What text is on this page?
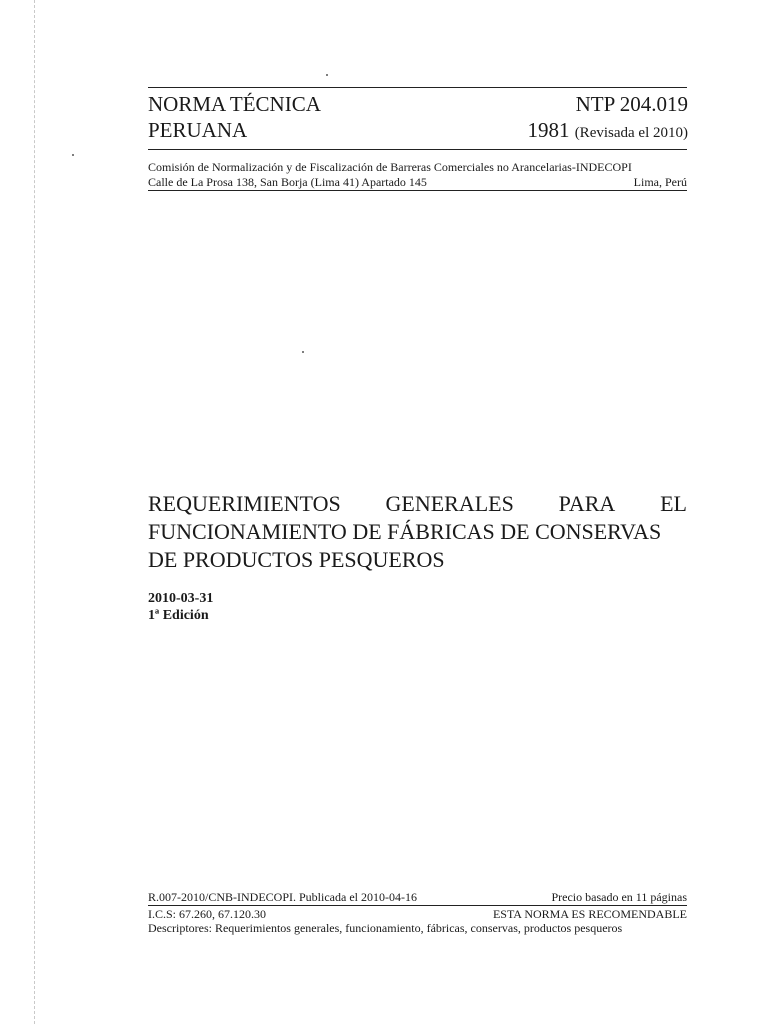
NORMA TÉCNICA
PERUANA
NTP 204.019
1981 (Revisada el 2010)
Comisión de Normalización y de Fiscalización de Barreras Comerciales no Arancelarias-INDECOPI
Calle de La Prosa 138, San Borja (Lima 41) Apartado 145	Lima, Perú
REQUERIMIENTOS GENERALES PARA EL
FUNCIONAMIENTO DE FÁBRICAS DE CONSERVAS
DE PRODUCTOS PESQUEROS
2010-03-31
1ª Edición
R.007-2010/CNB-INDECOPI. Publicada el 2010-04-16	Precio basado en 11 páginas
I.C.S: 67.260, 67.120.30	ESTA NORMA ES RECOMENDABLE
Descriptores: Requerimientos generales, funcionamiento, fábricas, conservas, productos pesqueros
